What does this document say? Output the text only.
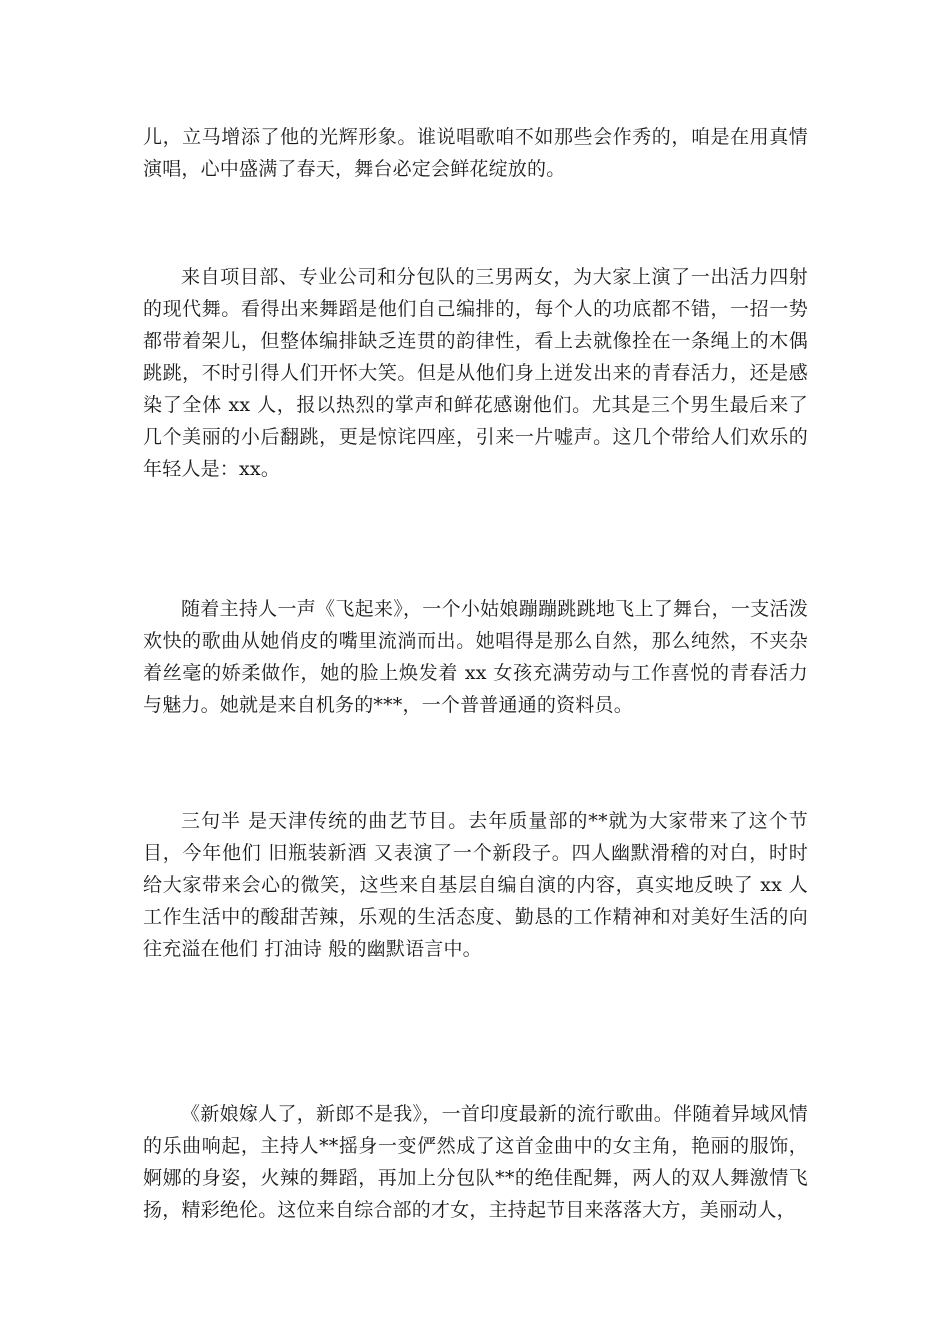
儿，立马增添了他的光辉形象。谁说唱歌咱不如那些会作秀的，咱是在用真情演唱，心中盛满了春天，舞台必定会鲜花绽放的。

来自项目部、专业公司和分包队的三男两女，为大家上演了一出活力四射的现代舞。看得出来舞蹈是他们自己编排的，每个人的功底都不错，一招一势都带着架儿，但整体编排缺乏连贯的韵律性，看上去就像拴在一条绳上的木偶跳跳，不时引得人们开怀大笑。但是从他们身上迸发出来的青春活力，还是感染了全体 xx 人，报以热烈的掌声和鲜花感谢他们。尤其是三个男生最后来了几个美丽的小后翻跳，更是惊诧四座，引来一片嘘声。这几个带给人们欢乐的年轻人是：xx。

随着主持人一声《飞起来》，一个小姑娘蹦蹦跳跳地飞上了舞台，一支活泼欢快的歌曲从她俏皮的嘴里流淌而出。她唱得是那么自然，那么纯然，不夹杂着丝毫的娇柔做作，她的脸上焕发着 xx 女孩充满劳动与工作喜悦的青春活力与魅力。她就是来自机务的***，一个普普通通的资料员。

三句半 是天津传统的曲艺节目。去年质量部的**就为大家带来了这个节目，今年他们 旧瓶装新酒 又表演了一个新段子。四人幽默滑稽的对白，时时给大家带来会心的微笑，这些来自基层自编自演的内容，真实地反映了 xx 人工作生活中的酸甜苦辣，乐观的生活态度、勤恳的工作精神和对美好生活的向往充溢在他们 打油诗 般的幽默语言中。

《新娘嫁人了，新郎不是我》，一首印度最新的流行歌曲。伴随着异域风情的乐曲响起，主持人**摇身一变俨然成了这首金曲中的女主角，艳丽的服饰，婀娜的身姿，火辣的舞蹈，再加上分包队**的绝佳配舞，两人的双人舞激情飞扬，精彩绝伦。这位来自综合部的才女，主持起节目来落落大方，美丽动人，
